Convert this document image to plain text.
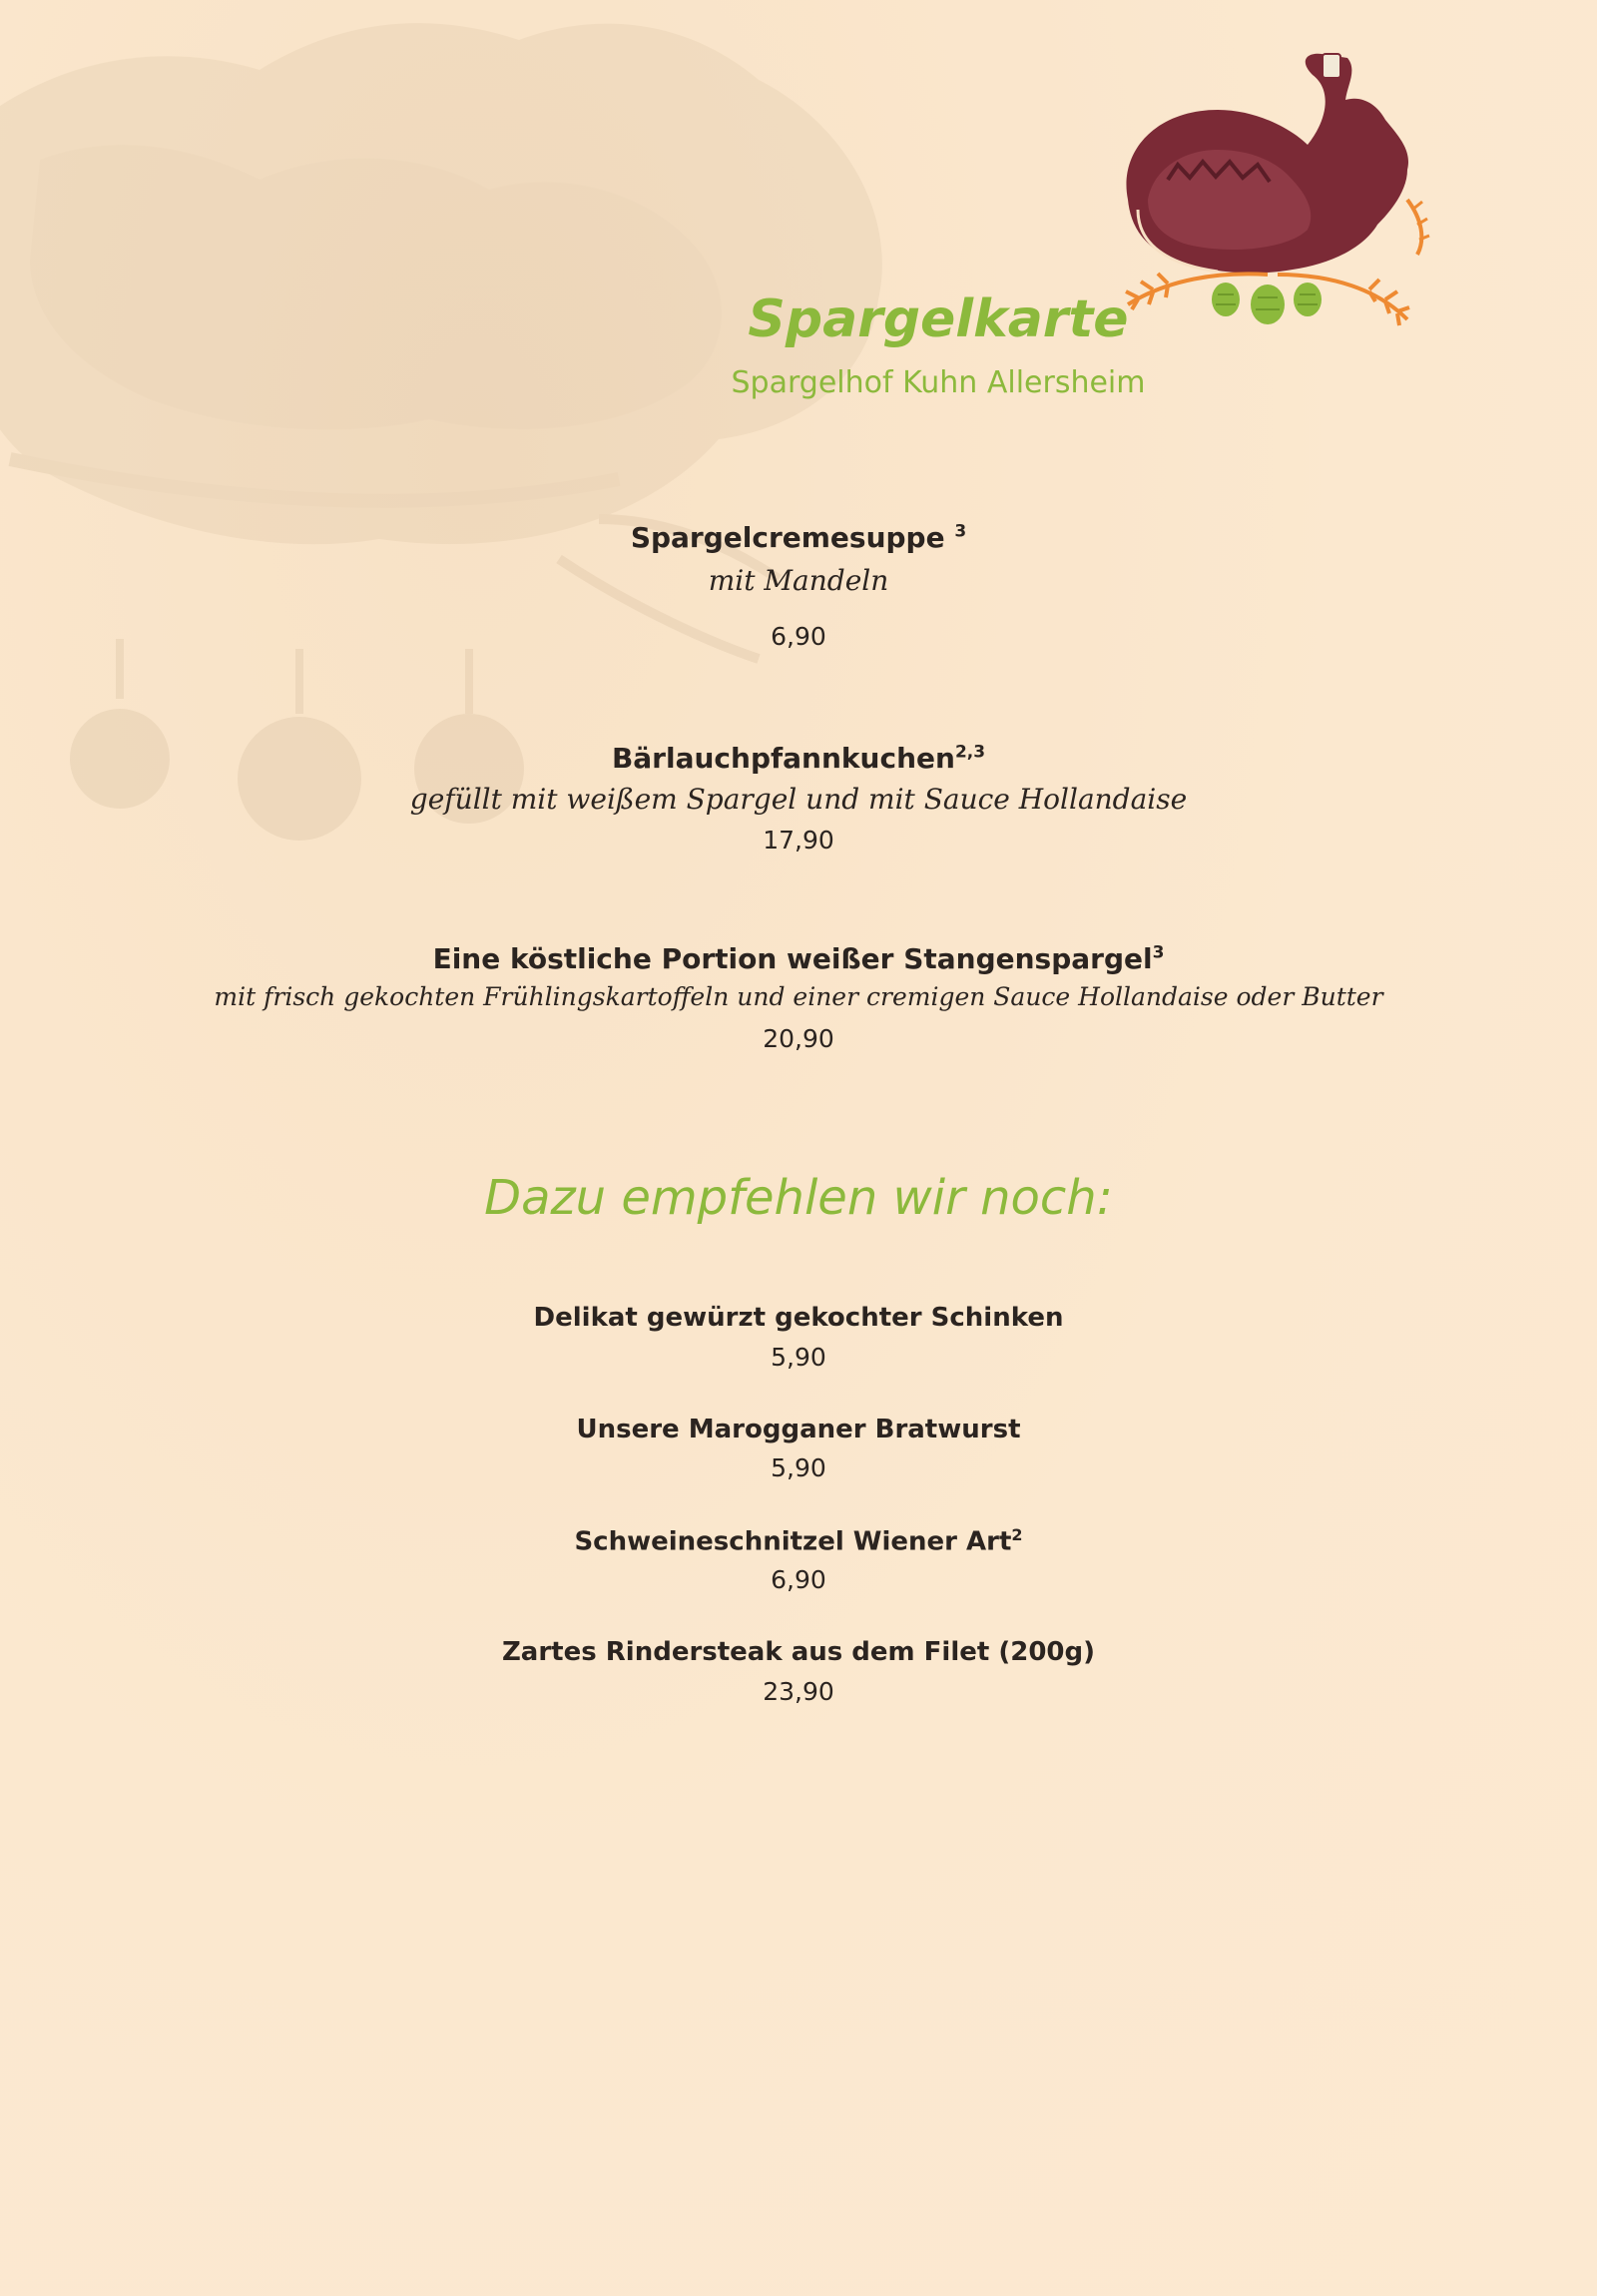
Spargelkarte
Spargelhof Kuhn Allersheim
Spargelcremesuppe $^3$
mit Mandeln
6,90
Bärlauchpfannkuchen$^{2,3}$
gefüllt mit weißem Spargel und mit Sauce Hollandaise
17,90
Eine köstliche Portion weißer Stangenspargel$^3$
mit frisch gekochten Frühlingskartoffeln und einer cremigen Sauce Hollandaise oder Butter
20,90
Dazu empfehlen wir noch:
Delikat gewürzt gekochter Schinken
5,90
Unsere Marogganer Bratwurst
5,90
Schweineschnitzel Wiener Art$^2$
6,90
Zartes Rindersteak aus dem Filet (200g)
23,90
